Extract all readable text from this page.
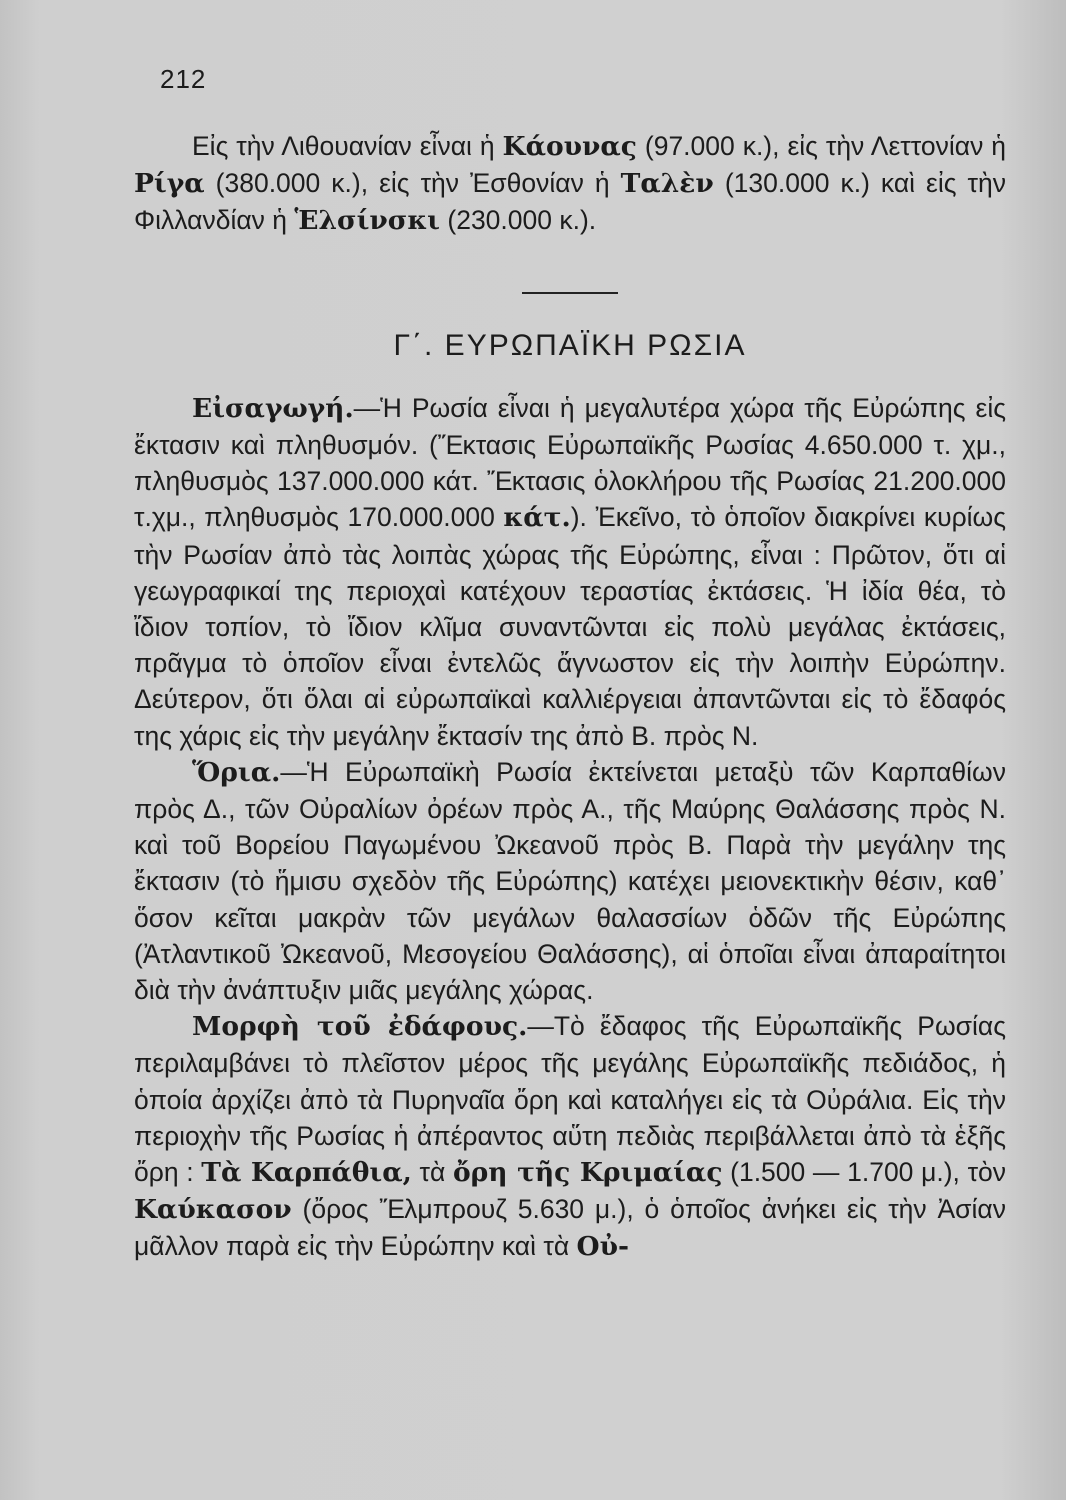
212

Εἰς τὴν Λιθουανίαν εἶναι ἡ Κάουνας (97.000 κ.), εἰς τὴν Λεττονίαν ἡ Ρίγα (380.000 κ.), εἰς τὴν Ἐσθονίαν ἡ Ταλὲν (130.000 κ.) καὶ εἰς τὴν Φιλλανδίαν ἡ Ἑλσίνσκι (230.000 κ.).

Γ΄. ΕΥΡΩΠΑΪΚΗ ΡΩΣΙΑ

Εἰσαγωγή.—Ἡ Ρωσία εἶναι ἡ μεγαλυτέρα χώρα τῆς Εὐρώπης εἰς ἔκτασιν καὶ πληθυσμόν. (Ἔκτασις Εὐρωπαϊκῆς Ρωσίας 4.650.000 τ. χμ., πληθυσμὸς 137.000.000 κάτ. Ἔκτασις ὁλοκλήρου τῆς Ρωσίας 21.200.000 τ.χμ., πληθυσμὸς 170.000.000 κάτ.). Ἐκεῖνο, τὸ ὁποῖον διακρίνει κυρίως τὴν Ρωσίαν ἀπὸ τὰς λοιπὰς χώρας τῆς Εὐρώπης, εἶναι : Πρῶτον, ὅτι αἱ γεωγραφικαί της περιοχαὶ κατέχουν τεραστίας ἐκτάσεις. Ἡ ἰδία θέα, τὸ ἴδιον τοπίον, τὸ ἴδιον κλῖμα συναντῶνται εἰς πολὺ μεγάλας ἐκτάσεις, πρᾶγμα τὸ ὁποῖον εἶναι ἐντελῶς ἄγνωστον εἰς τὴν λοιπὴν Εὐρώπην. Δεύτερον, ὅτι ὅλαι αἱ εὐρωπαϊκαὶ καλλιέργειαι ἀπαντῶνται εἰς τὸ ἔδαφός της χάρις εἰς τὴν μεγάλην ἔκτασίν της ἀπὸ Β. πρὸς Ν.

Ὅρια.—Ἡ Εὐρωπαϊκὴ Ρωσία ἐκτείνεται μεταξὺ τῶν Καρπαθίων πρὸς Δ., τῶν Οὐραλίων ὀρέων πρὸς Α., τῆς Μαύρης Θαλάσσης πρὸς Ν. καὶ τοῦ Βορείου Παγωμένου Ὠκεανοῦ πρὸς Β. Παρὰ τὴν μεγάλην της ἔκτασιν (τὸ ἥμισυ σχεδὸν τῆς Εὐρώπης) κατέχει μειονεκτικὴν θέσιν, καθ᾿ ὅσον κεῖται μακρὰν τῶν μεγάλων θαλασσίων ὁδῶν τῆς Εὐρώπης (Ἀτλαντικοῦ Ὠκεανοῦ, Μεσογείου Θαλάσσης), αἱ ὁποῖαι εἶναι ἀπαραίτητοι διὰ τὴν ἀνάπτυξιν μιᾶς μεγάλης χώρας.

Μορφὴ τοῦ ἐδάφους.—Τὸ ἔδαφος τῆς Εὐρωπαϊκῆς Ρωσίας περιλαμβάνει τὸ πλεῖστον μέρος τῆς μεγάλης Εὐρωπαϊκῆς πεδιάδος, ἡ ὁποία ἀρχίζει ἀπὸ τὰ Πυρηναῖα ὄρη καὶ καταλήγει εἰς τὰ Οὐράλια. Εἰς τὴν περιοχὴν τῆς Ρωσίας ἡ ἀπέραντος αὕτη πεδιὰς περιβάλλεται ἀπὸ τὰ ἑξῆς ὄρη : Τὰ Καρπάθια, τὰ ὄρη τῆς Κριμαίας (1.500 — 1.700 μ.), τὸν Καύκασον (ὄρος Ἔλμπρουζ 5.630 μ.), ὁ ὁποῖος ἀνήκει εἰς τὴν Ἀσίαν μᾶλλον παρὰ εἰς τὴν Εὐρώπην καὶ τὰ Οὐ-
